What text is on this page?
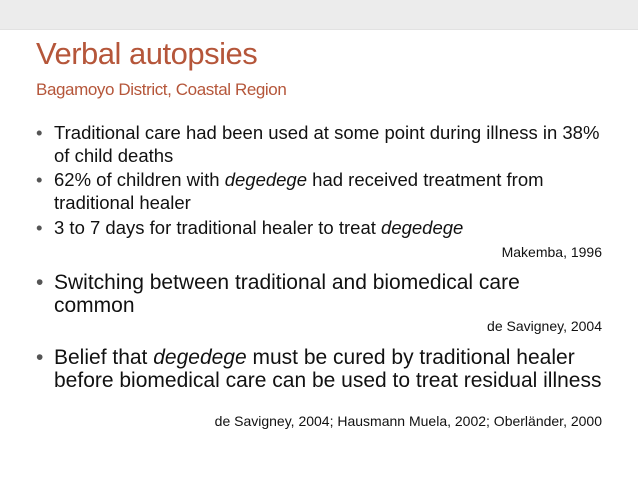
Verbal autopsies
Bagamoyo District, Coastal Region
• Traditional care had been used at some point during illness in 38% of child deaths
• 62% of children with degedege had received treatment from traditional healer
• 3 to 7 days for traditional healer to treat degedege
Makemba, 1996
• Switching between traditional and biomedical care common
de Savigney, 2004
• Belief that degedege must be cured by traditional healer before biomedical care can be used to treat residual illness
de Savigney, 2004; Hausmann Muela, 2002; Oberländer, 2000
